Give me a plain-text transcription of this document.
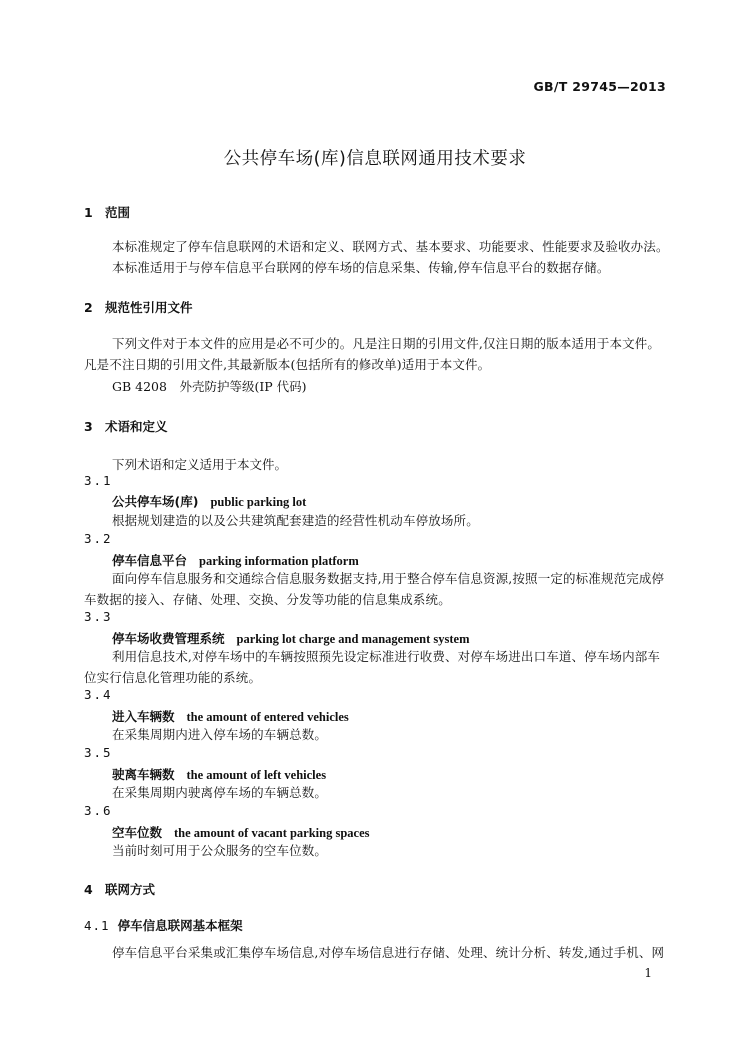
GB/T 29745—2013
公共停车场(库)信息联网通用技术要求
1 范围
本标准规定了停车信息联网的术语和定义、联网方式、基本要求、功能要求、性能要求及验收办法。
本标准适用于与停车信息平台联网的停车场的信息采集、传输,停车信息平台的数据存储。
2 规范性引用文件
下列文件对于本文件的应用是必不可少的。凡是注日期的引用文件,仅注日期的版本适用于本文件。凡是不注日期的引用文件,其最新版本(包括所有的修改单)适用于本文件。
GB 4208　外壳防护等级(IP 代码)
3 术语和定义
下列术语和定义适用于本文件。
3.1
公共停车场(库) public parking lot
根据规划建造的以及公共建筑配套建造的经营性机动车停放场所。
3.2
停车信息平台 parking information platform
面向停车信息服务和交通综合信息服务数据支持,用于整合停车信息资源,按照一定的标准规范完成停车数据的接入、存储、处理、交换、分发等功能的信息集成系统。
3.3
停车场收费管理系统 parking lot charge and management system
利用信息技术,对停车场中的车辆按照预先设定标准进行收费、对停车场进出口车道、停车场内部车位实行信息化管理功能的系统。
3.4
进入车辆数 the amount of entered vehicles
在采集周期内进入停车场的车辆总数。
3.5
驶离车辆数 the amount of left vehicles
在采集周期内驶离停车场的车辆总数。
3.6
空车位数 the amount of vacant parking spaces
当前时刻可用于公众服务的空车位数。
4 联网方式
4.1 停车信息联网基本框架
停车信息平台采集或汇集停车场信息,对停车场信息进行存储、处理、统计分析、转发,通过手机、网
1
